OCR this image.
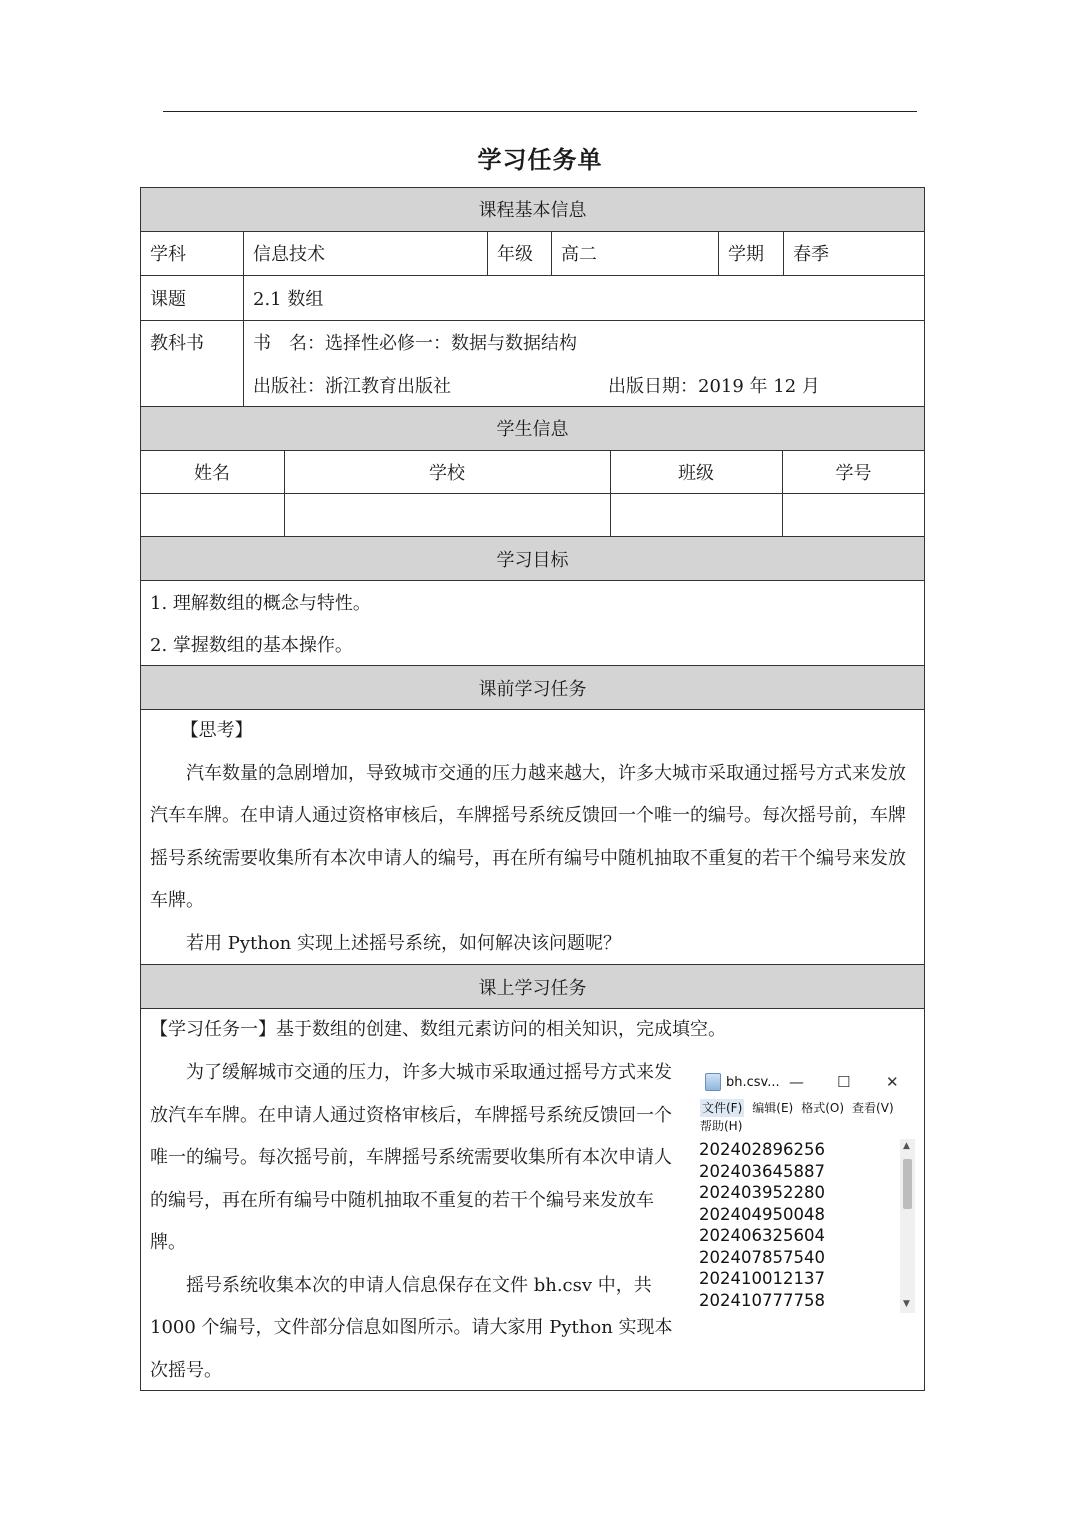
学习任务单
课程基本信息
学科	信息技术	年级	高二	学期	春季
课题	2.1 数组
教科书	书　名：选择性必修一：数据与数据结构
出版社：浙江教育出版社	出版日期：2019 年 12 月
学生信息
姓名	学校	班级	学号
学习目标
1. 理解数组的概念与特性。
2. 掌握数组的基本操作。
课前学习任务

【思考】

汽车数量的急剧增加，导致城市交通的压力越来越大，许多大城市采取通过摇号方式来发放汽车车牌。在申请人通过资格审核后，车牌摇号系统反馈回一个唯一的编号。每次摇号前，车牌摇号系统需要收集所有本次申请人的编号，再在所有编号中随机抽取不重复的若干个编号来发放车牌。

若用 Python 实现上述摇号系统，如何解决该问题呢？

课上学习任务
【学习任务一】基于数组的创建、数组元素访问的相关知识，完成填空。

为了缓解城市交通的压力，许多大城市采取通过摇号方式来发放汽车车牌。在申请人通过资格审核后，车牌摇号系统反馈回一个唯一的编号。每次摇号前，车牌摇号系统需要收集所有本次申请人的编号，再在所有编号中随机抽取不重复的若干个编号来发放车牌。

摇号系统收集本次的申请人信息保存在文件 bh.csv 中，共 1000 个编号，文件部分信息如图所示。请大家用 Python 实现本次摇号。

bh.csv... — ☐ ✕
文件(F) 编辑(E) 格式(O) 查看(V)
帮助(H)
202402896256
202403645887
202403952280
202404950048
202406325604
202407857540
202410012137
202410777758
▲
▼
